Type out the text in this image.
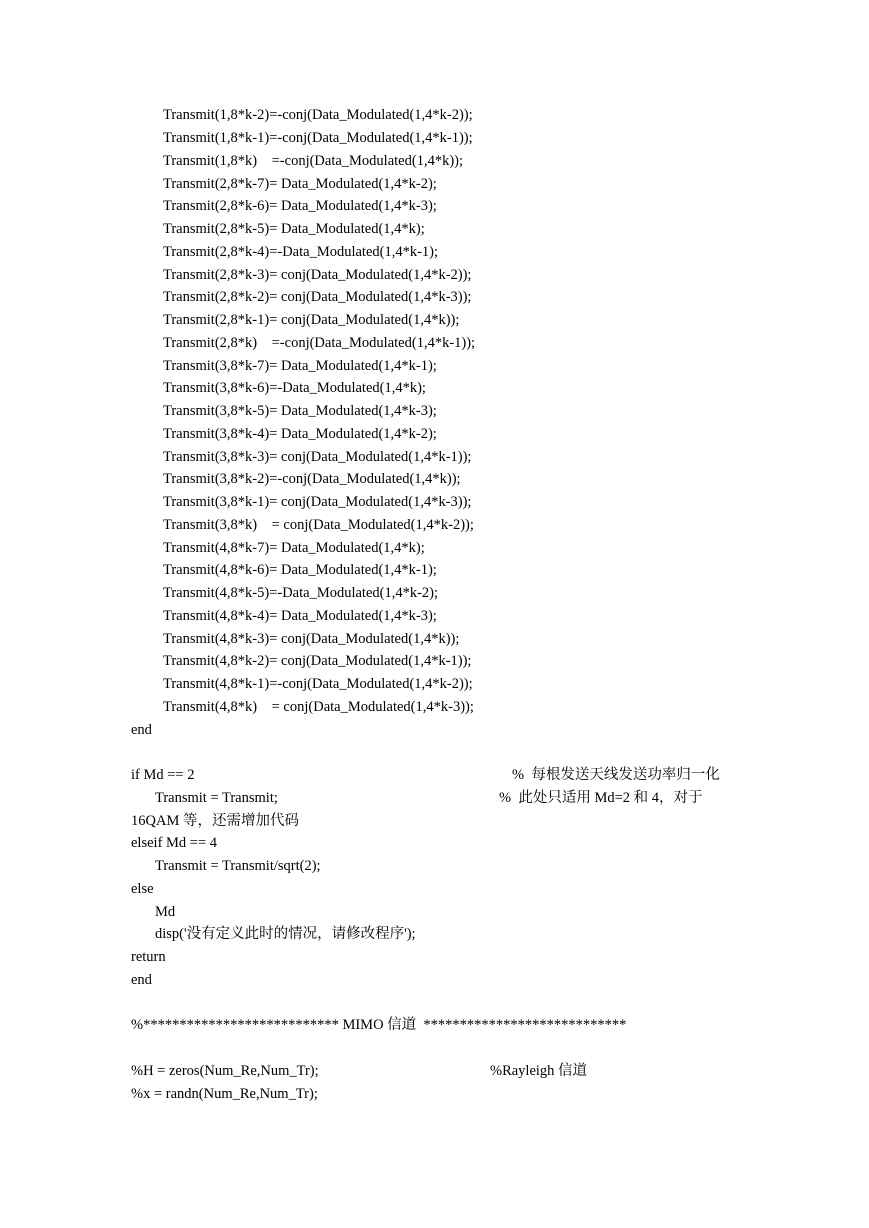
Transmit(1,8*k-2)=-conj(Data_Modulated(1,4*k-2));
Transmit(1,8*k-1)=-conj(Data_Modulated(1,4*k-1));
Transmit(1,8*k)    =-conj(Data_Modulated(1,4*k));
Transmit(2,8*k-7)= Data_Modulated(1,4*k-2);
Transmit(2,8*k-6)= Data_Modulated(1,4*k-3);
Transmit(2,8*k-5)= Data_Modulated(1,4*k);
Transmit(2,8*k-4)=-Data_Modulated(1,4*k-1);
Transmit(2,8*k-3)= conj(Data_Modulated(1,4*k-2));
Transmit(2,8*k-2)= conj(Data_Modulated(1,4*k-3));
Transmit(2,8*k-1)= conj(Data_Modulated(1,4*k));
Transmit(2,8*k)    =-conj(Data_Modulated(1,4*k-1));
Transmit(3,8*k-7)= Data_Modulated(1,4*k-1);
Transmit(3,8*k-6)=-Data_Modulated(1,4*k);
Transmit(3,8*k-5)= Data_Modulated(1,4*k-3);
Transmit(3,8*k-4)= Data_Modulated(1,4*k-2);
Transmit(3,8*k-3)= conj(Data_Modulated(1,4*k-1));
Transmit(3,8*k-2)=-conj(Data_Modulated(1,4*k));
Transmit(3,8*k-1)= conj(Data_Modulated(1,4*k-3));
Transmit(3,8*k)    = conj(Data_Modulated(1,4*k-2));
Transmit(4,8*k-7)= Data_Modulated(1,4*k);
Transmit(4,8*k-6)= Data_Modulated(1,4*k-1);
Transmit(4,8*k-5)=-Data_Modulated(1,4*k-2);
Transmit(4,8*k-4)= Data_Modulated(1,4*k-3);
Transmit(4,8*k-3)= conj(Data_Modulated(1,4*k));
Transmit(4,8*k-2)= conj(Data_Modulated(1,4*k-1));
Transmit(4,8*k-1)=-conj(Data_Modulated(1,4*k-2));
Transmit(4,8*k)    = conj(Data_Modulated(1,4*k-3));
end
if Md == 2	%  每根发送天线发送功率归一化
Transmit = Transmit;	%  此处只适用 Md=2 和 4，对于
16QAM 等，还需增加代码
elseif Md == 4
Transmit = Transmit/sqrt(2);
else
Md
disp('没有定义此时的情况，请修改程序');
return
end
%*************************** MIMO 信道  ****************************
%H = zeros(Num_Re,Num_Tr);	%Rayleigh 信道
%x = randn(Num_Re,Num_Tr);
